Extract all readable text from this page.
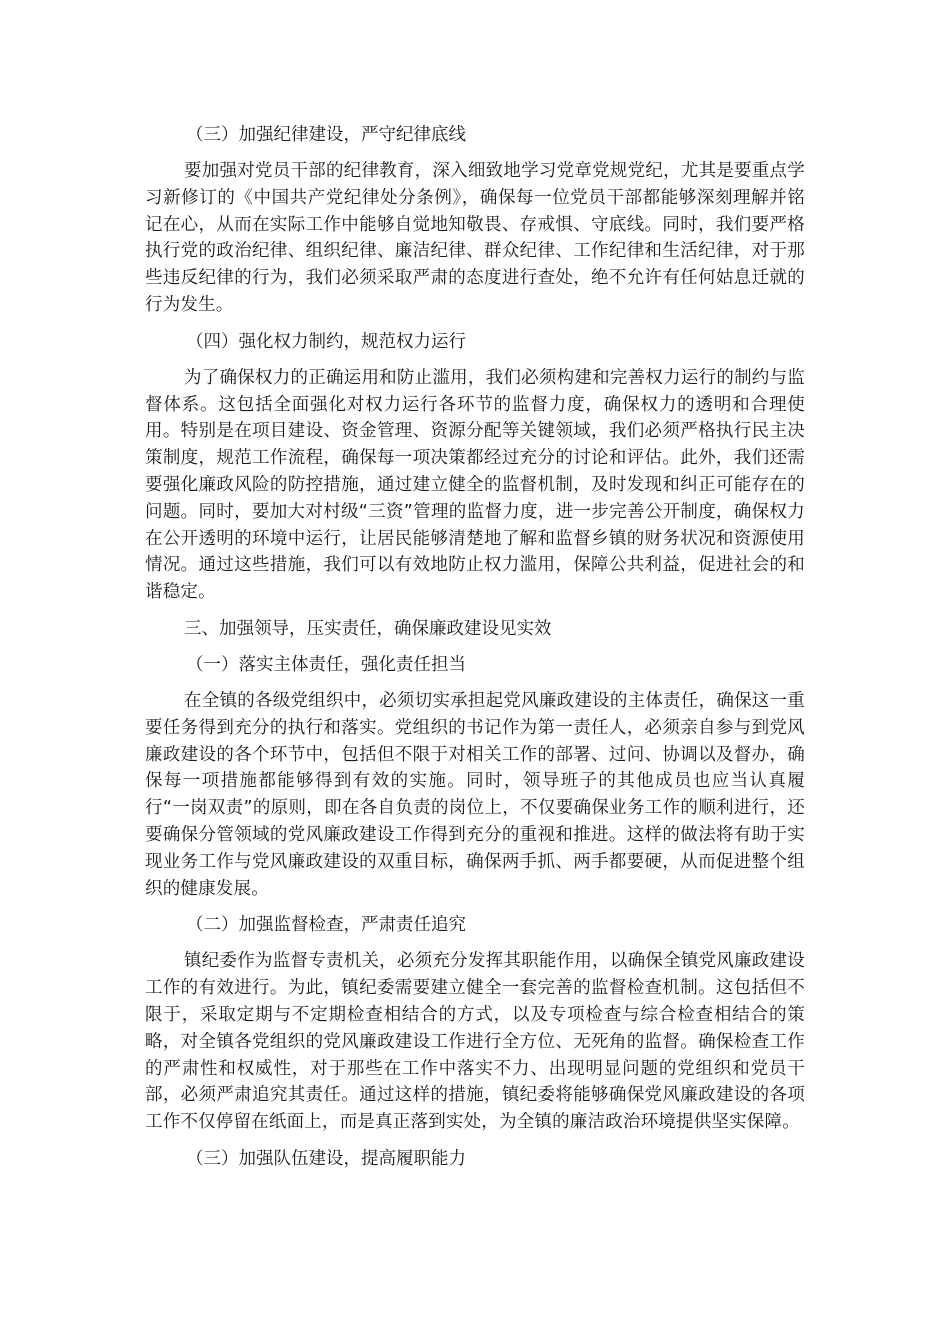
（三）加强纪律建设，严守纪律底线

要加强对党员干部的纪律教育，深入细致地学习党章党规党纪，尤其是要重点学习新修订的《中国共产党纪律处分条例》，确保每一位党员干部都能够深刻理解并铭记在心，从而在实际工作中能够自觉地知敬畏、存戒惧、守底线。同时，我们要严格执行党的政治纪律、组织纪律、廉洁纪律、群众纪律、工作纪律和生活纪律，对于那些违反纪律的行为，我们必须采取严肃的态度进行查处，绝不允许有任何姑息迁就的行为发生。

（四）强化权力制约，规范权力运行

为了确保权力的正确运用和防止滥用，我们必须构建和完善权力运行的制约与监督体系。这包括全面强化对权力运行各环节的监督力度，确保权力的透明和合理使用。特别是在项目建设、资金管理、资源分配等关键领域，我们必须严格执行民主决策制度，规范工作流程，确保每一项决策都经过充分的讨论和评估。此外，我们还需要强化廉政风险的防控措施，通过建立健全的监督机制，及时发现和纠正可能存在的问题。同时，要加大对村级“三资”管理的监督力度，进一步完善公开制度，确保权力在公开透明的环境中运行，让居民能够清楚地了解和监督乡镇的财务状况和资源使用情况。通过这些措施，我们可以有效地防止权力滥用，保障公共利益，促进社会的和谐稳定。

三、加强领导，压实责任，确保廉政建设见实效
（一）落实主体责任，强化责任担当

在全镇的各级党组织中，必须切实承担起党风廉政建设的主体责任，确保这一重要任务得到充分的执行和落实。党组织的书记作为第一责任人，必须亲自参与到党风廉政建设的各个环节中，包括但不限于对相关工作的部署、过问、协调以及督办，确保每一项措施都能够得到有效的实施。同时，领导班子的其他成员也应当认真履行“一岗双责”的原则，即在各自负责的岗位上，不仅要确保业务工作的顺利进行，还要确保分管领域的党风廉政建设工作得到充分的重视和推进。这样的做法将有助于实现业务工作与党风廉政建设的双重目标，确保两手抓、两手都要硬，从而促进整个组织的健康发展。

（二）加强监督检查，严肃责任追究

镇纪委作为监督专责机关，必须充分发挥其职能作用，以确保全镇党风廉政建设工作的有效进行。为此，镇纪委需要建立健全一套完善的监督检查机制。这包括但不限于，采取定期与不定期检查相结合的方式，以及专项检查与综合检查相结合的策略，对全镇各党组织的党风廉政建设工作进行全方位、无死角的监督。确保检查工作的严肃性和权威性，对于那些在工作中落实不力、出现明显问题的党组织和党员干部，必须严肃追究其责任。通过这样的措施，镇纪委将能够确保党风廉政建设的各项工作不仅停留在纸面上，而是真正落到实处，为全镇的廉洁政治环境提供坚实保障。

（三）加强队伍建设，提高履职能力
